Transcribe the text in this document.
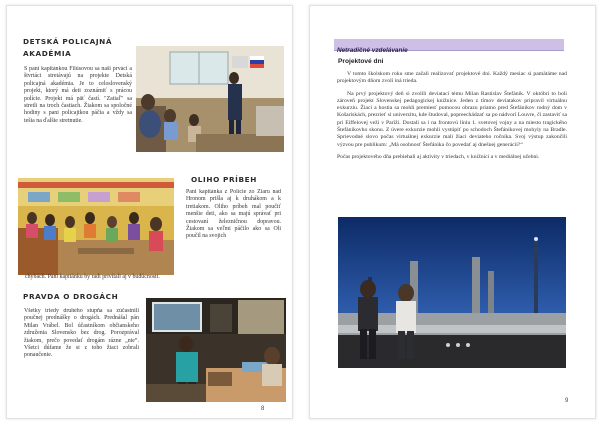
DETSKÁ POLICAJNÁ
AKADÉMIA

S pani kapitánkou Filůsovou sa naši prváci a štvrtáci stretávajú na projekte Detská policajná akadémia. Je to celoslovenský projekt, ktorý má deti zoznámiť s prácou polície. Projekt má päť častí. "Zatiaľ" sa stretli na troch častiach. Žiakom sa spoločné hodiny s pani policajtkou páčia a vždy sa tešia na ďalšie stretnutie.

OLIHO PRÍBEH

Pani kapitánka z Polície zo Žiaru nad Hronom prišla aj k druhákom a k tretiakom. Oliho príbeh mal poučiť menšie deti, ako sa majú správať pri cestovaní železničnou dopravou. Žiakom sa veľmi páčilo ako sa Oli poučil na svojich

chybách. Pani kapitánku by radi privítali aj v budúcnosti.
PRAVDA O DROGÁCH

Všetky triedy druhého stupňa sa zúčastnili poučnej prednášky o drogách. Prednášal pán Milan Vrábel. Bol účastníkom občianskeho združenia Slovensko bez drog. Porozprával žiakom, prečo povedať drogám rázne „nie“. Všetci dúfame že si z toho žiaci zobrali ponaučenie.

8
Netradičné vzdelávanie
Projektové dni

V tomto školskom roku sme začali realizovať projektové dni. Každý mesiac si pamätáme nad projektovým dňom zvolí iná trieda.

Na prvý projektový deň si zvolili deviataci tému Milan Rastislav Štefánik. V októbri to boli zároveň projekt Slovenskej pedagogickej knižnice. Jeden z tímov deviatakov pripravil virtuálnu exkurziu. Žiaci a hostia sa mohli premiesť pomocou obrazu priamo pred Štefánikov rodný dom v Košariskách, prezrieť si univerzitu, kde študoval, popreechádzať sa po nádvorí Louvre, či zastaviť sa pri Eiffelovej veži v Paríži. Dostali sa i na frontovú líniu 1. svetovej vojny a na miesto tragického Štefánikovho skonu. Z úvere exkurzie mohli vystúpiť po schodoch Štefánikovej mohyly na Bradle. Sprievodné slovo počas virtuálnej exkurzie mali žiaci deviateho ročníka. Svoj výstup zakončili výzvou pre publikum: „Má osobnosť Štefánika čo povedať aj dnešnej generácii?“

Počas projektového dňa prebiehali aj aktivity v triedach, v knižnici a v mediálnej učebni.

9
